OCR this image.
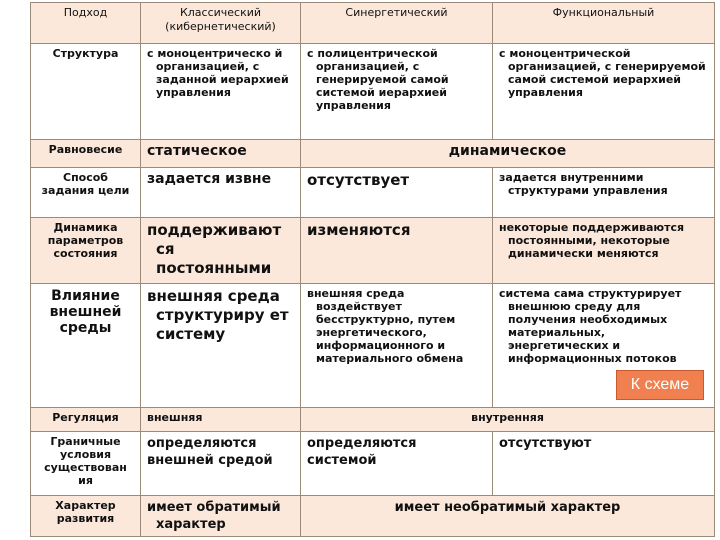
Подход	Классический (кибернетический)	Синергетический	Функциональный
Структура	с моноцентрическо й организацией, с заданной иерархией управления	с полицентрической организацией, с генерируемой самой системой иерархией управления	с моноцентрической организацией, с генерируемой самой системой иерархией управления

Равновесие	статическое	динамическое	
Способ задания цели	задается извне	отсутствует	задается внутренними структурами управления

Динамика параметров состояния	поддерживают ся постоянными	изменяются	некоторые поддерживаются постоянными, некоторые динамически меняются

Влияние внешней среды	внешняя среда структуриру ет систему	внешняя среда воздействует бесструктурно, путем энергетического, информационного и материального обмена	система сама структурирует внешнюю среду для получения необходимых материальных, энергетических и информационных потоков

Регуляция	внешняя	внутренняя	
Граничные условия существован ия	определяются внешней средой	определяются системой	отсутствуют
Характер развития	имеет обратимый характер	имеет необратимый характер	
К схеме
